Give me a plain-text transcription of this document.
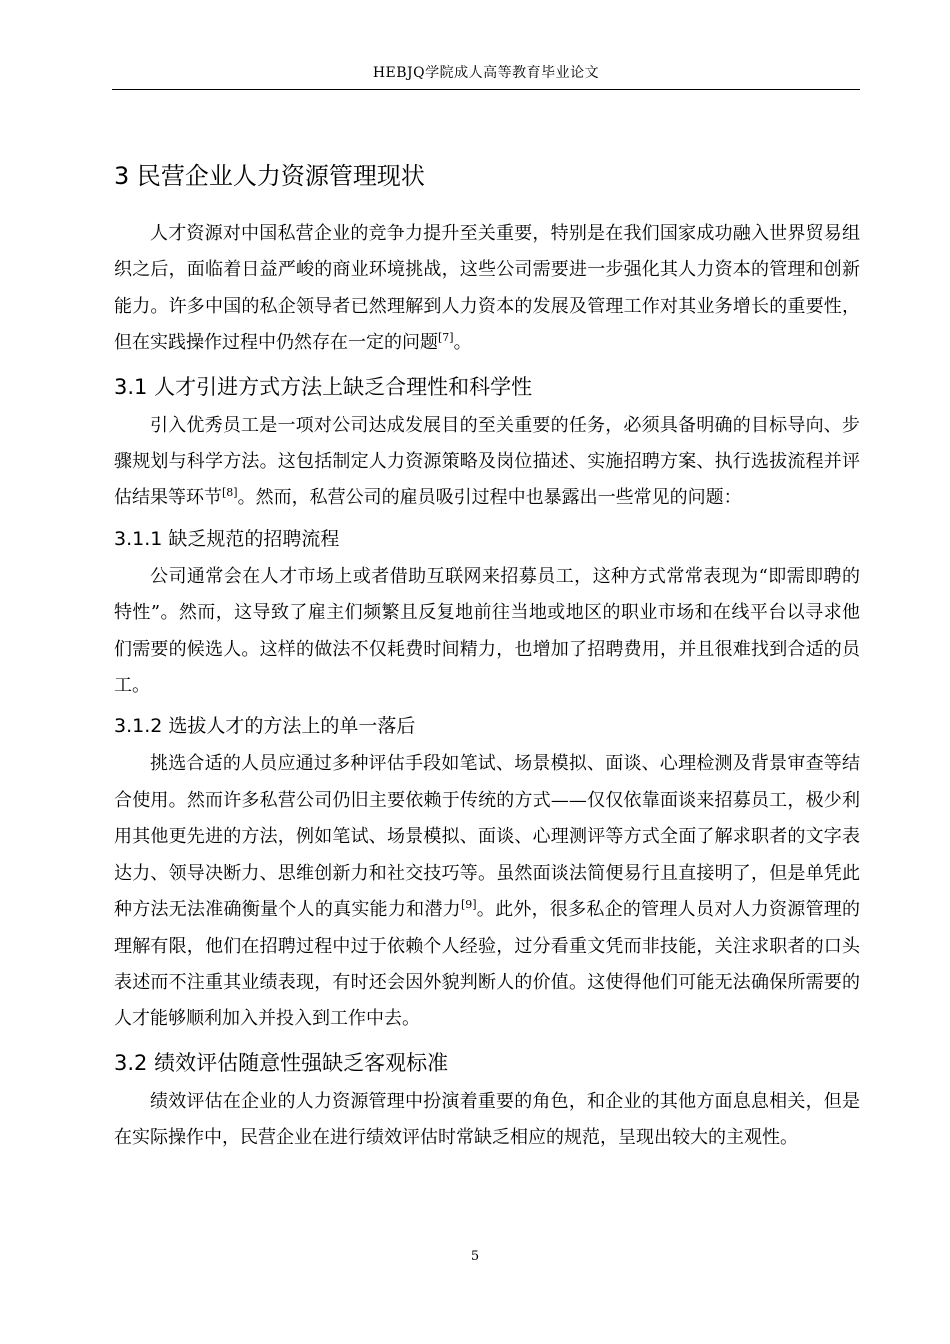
HEBJQ学院成人高等教育毕业论文
3 民营企业人力资源管理现状

人才资源对中国私营企业的竞争力提升至关重要，特别是在我们国家成功融入世界贸易组织之后，面临着日益严峻的商业环境挑战，这些公司需要进一步强化其人力资本的管理和创新能力。许多中国的私企领导者已然理解到人力资本的发展及管理工作对其业务增长的重要性，但在实践操作过程中仍然存在一定的问题[7]。

3.1 人才引进方式方法上缺乏合理性和科学性

引入优秀员工是一项对公司达成发展目的至关重要的任务，必须具备明确的目标导向、步骤规划与科学方法。这包括制定人力资源策略及岗位描述、实施招聘方案、执行选拔流程并评估结果等环节[8]。然而，私营公司的雇员吸引过程中也暴露出一些常见的问题：

3.1.1 缺乏规范的招聘流程

公司通常会在人才市场上或者借助互联网来招募员工，这种方式常常表现为“即需即聘的特性”。然而，这导致了雇主们频繁且反复地前往当地或地区的职业市场和在线平台以寻求他们需要的候选人。这样的做法不仅耗费时间精力，也增加了招聘费用，并且很难找到合适的员工。

3.1.2 选拔人才的方法上的单一落后

挑选合适的人员应通过多种评估手段如笔试、场景模拟、面谈、心理检测及背景审查等结合使用。然而许多私营公司仍旧主要依赖于传统的方式——仅仅依靠面谈来招募员工，极少利用其他更先进的方法，例如笔试、场景模拟、面谈、心理测评等方式全面了解求职者的文字表达力、领导决断力、思维创新力和社交技巧等。虽然面谈法简便易行且直接明了，但是单凭此种方法无法准确衡量个人的真实能力和潜力[9]。此外，很多私企的管理人员对人力资源管理的理解有限，他们在招聘过程中过于依赖个人经验，过分看重文凭而非技能，关注求职者的口头表述而不注重其业绩表现，有时还会因外貌判断人的价值。这使得他们可能无法确保所需要的人才能够顺利加入并投入到工作中去。

3.2 绩效评估随意性强缺乏客观标准

绩效评估在企业的人力资源管理中扮演着重要的角色，和企业的其他方面息息相关，但是在实际操作中，民营企业在进行绩效评估时常缺乏相应的规范，呈现出较大的主观性。

5
